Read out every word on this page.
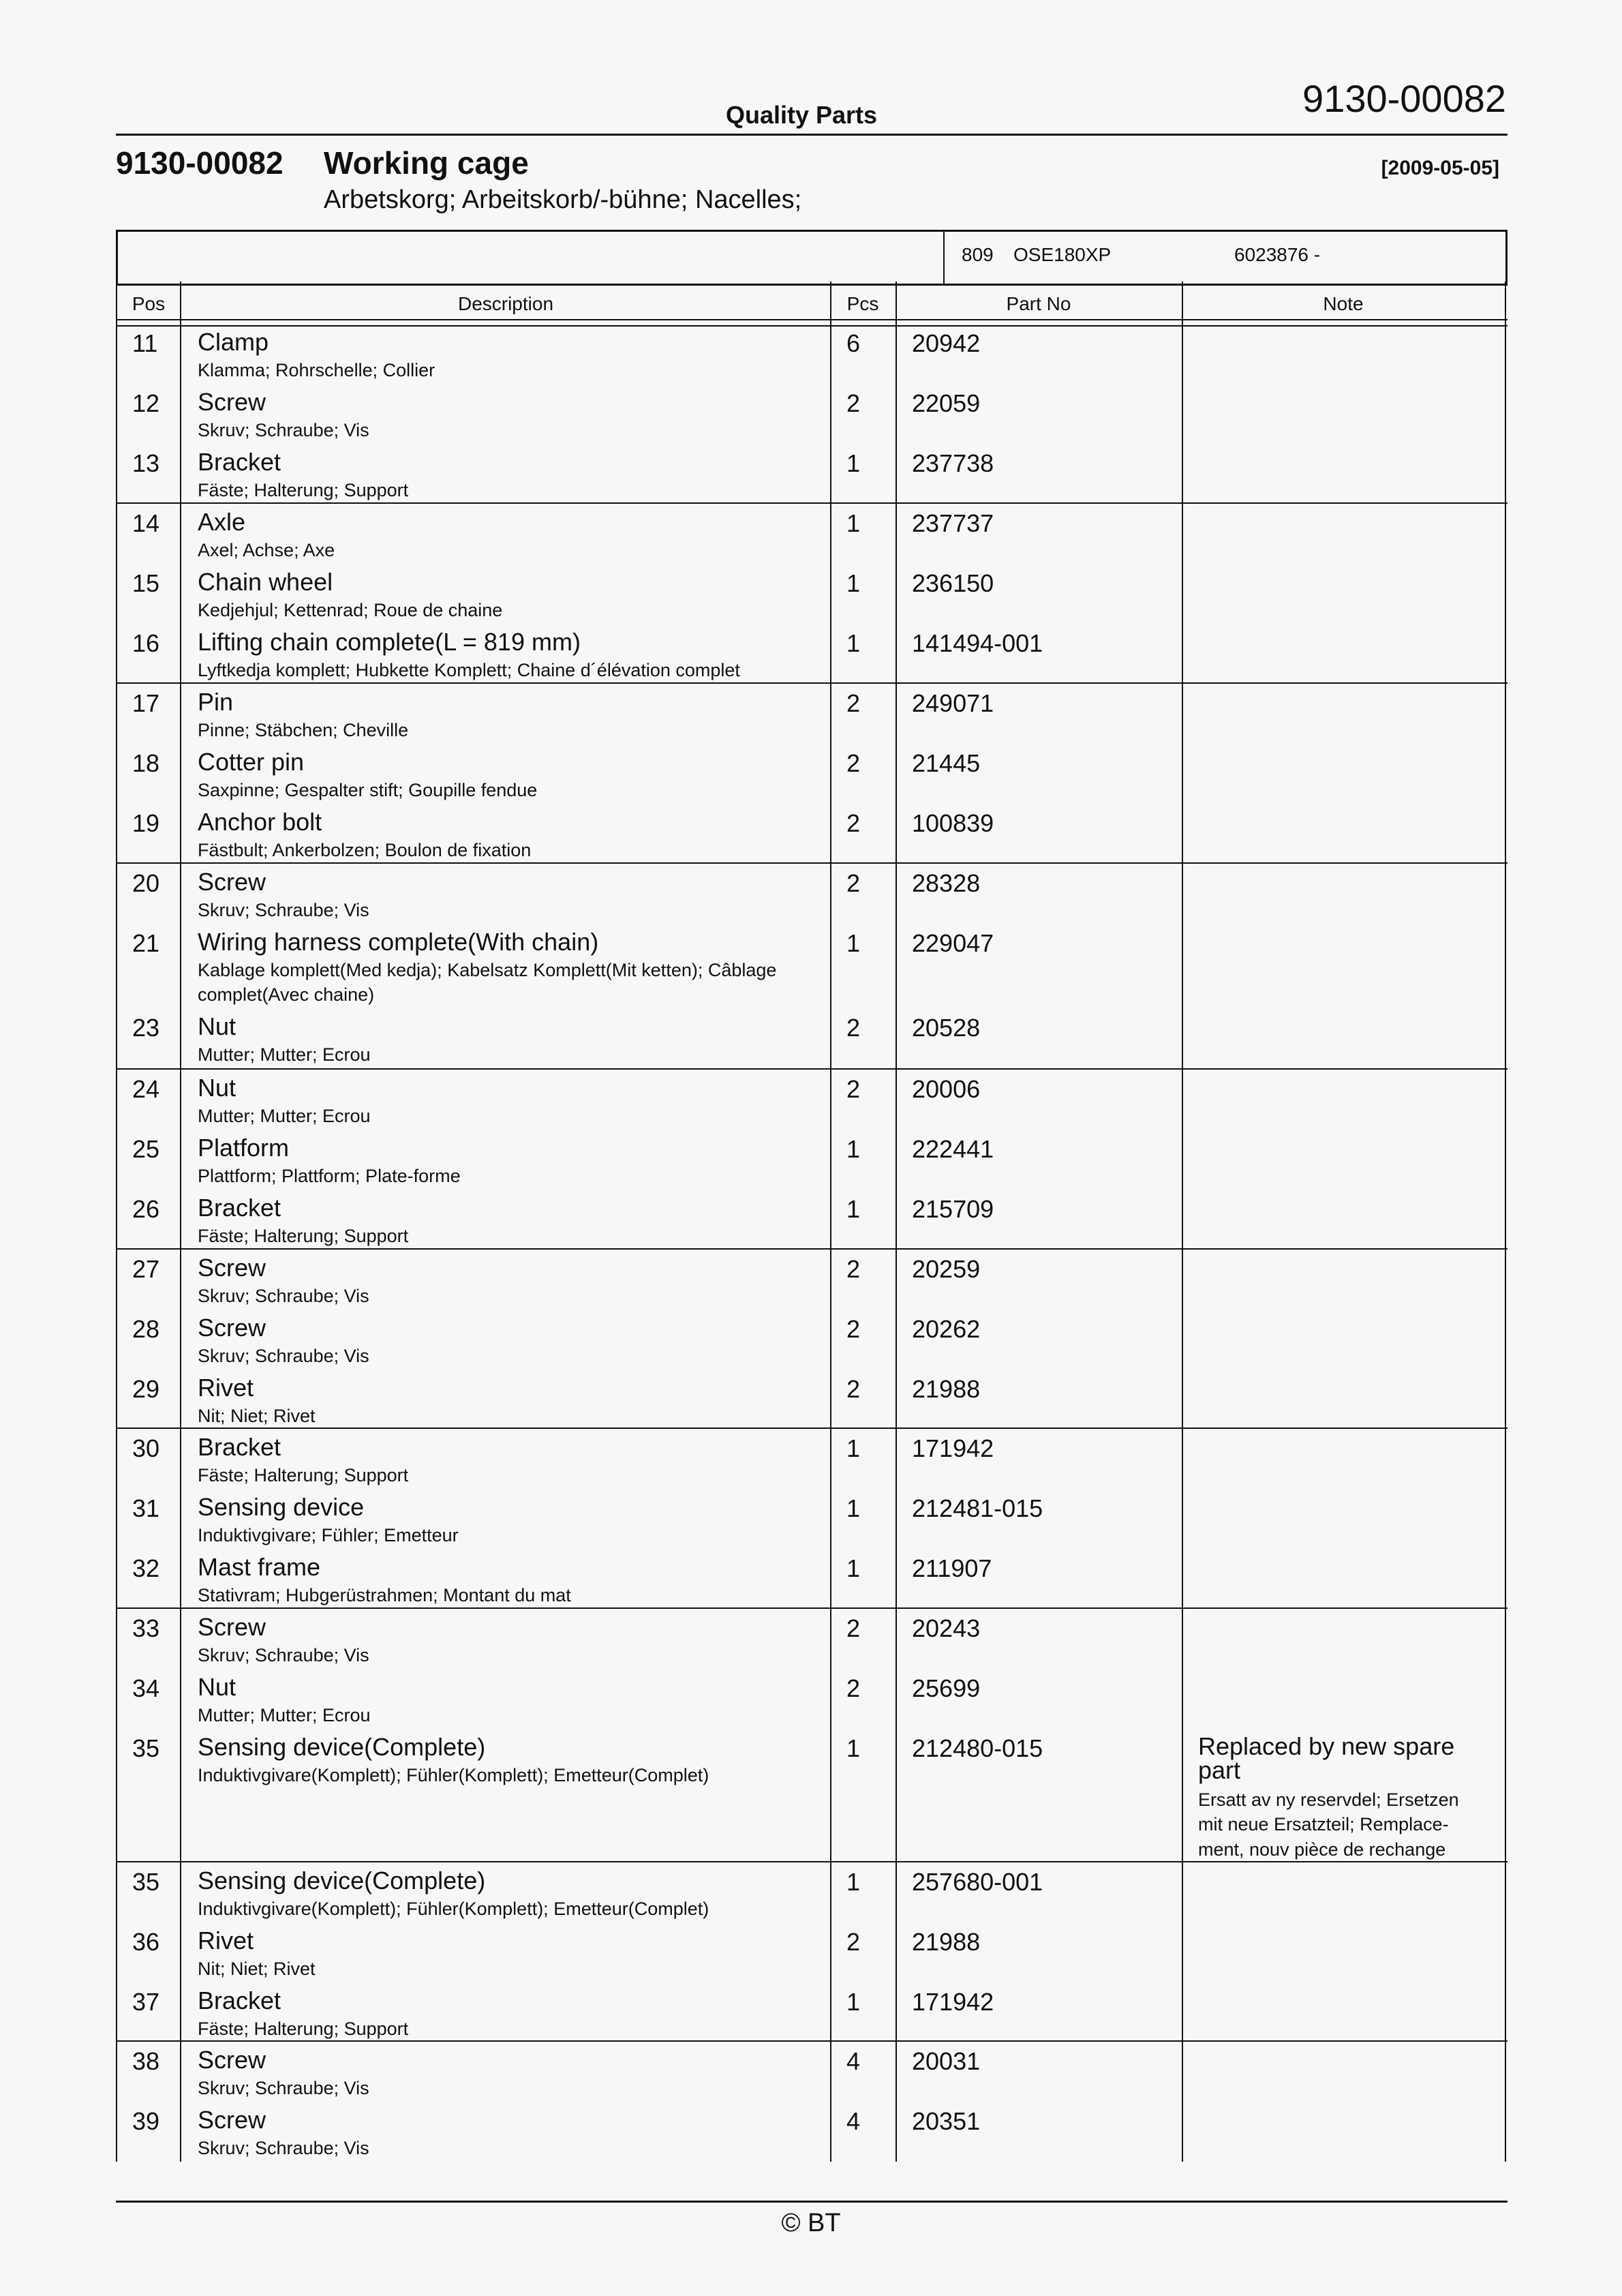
9130-00082
Quality Parts
9130-00082 Working cage	[2009-05-05]
Arbetskorg; Arbeitskorb/-bühne; Nacelles;
809 OSE180XP	6023876 -
Pos	Description	Pcs	Part No	Note
11 Clamp
Klamma; Rohrschelle; Collier
6 20942
12 Screw
Skruv; Schraube; Vis
2 22059
13 Bracket
Fäste; Halterung; Support
1 237738
14 Axle
Axel; Achse; Axe
1 237737
15 Chain wheel
Kedjehjul; Kettenrad; Roue de chaine
1 236150
16 Lifting chain complete(L = 819 mm)
Lyftkedja komplett; Hubkette Komplett; Chaine d´élévation complet
1 141494-001
17 Pin
Pinne; Stäbchen; Cheville
2 249071
18 Cotter pin
Saxpinne; Gespalter stift; Goupille fendue
2 21445
19 Anchor bolt
Fästbult; Ankerbolzen; Boulon de fixation
2 100839
20 Screw
Skruv; Schraube; Vis
2 28328
21 Wiring harness complete(With chain)
Kablage komplett(Med kedja); Kabelsatz Komplett(Mit ketten); Câblage complet(Avec chaine)
1 229047
23 Nut
Mutter; Mutter; Ecrou
2 20528
24 Nut
Mutter; Mutter; Ecrou
2 20006
25 Platform
Plattform; Plattform; Plate-forme
1 222441
26 Bracket
Fäste; Halterung; Support
1 215709
27 Screw
Skruv; Schraube; Vis
2 20259
28 Screw
Skruv; Schraube; Vis
2 20262
29 Rivet
Nit; Niet; Rivet
2 21988
30 Bracket
Fäste; Halterung; Support
1 171942
31 Sensing device
Induktivgivare; Fühler; Emetteur
1 212481-015
32 Mast frame
Stativram; Hubgerüstrahmen; Montant du mat
1 211907
33 Screw
Skruv; Schraube; Vis
2 20243
34 Nut
Mutter; Mutter; Ecrou
2 25699
35 Sensing device(Complete)
Induktivgivare(Komplett); Fühler(Komplett); Emetteur(Complet)
1 212480-015	Replaced by new spare part
Ersatt av ny reservdel; Ersetzen mit neue Ersatzteil; Remplace-ment, nouv pièce de rechange
35 Sensing device(Complete)
Induktivgivare(Komplett); Fühler(Komplett); Emetteur(Complet)
1 257680-001
36 Rivet
Nit; Niet; Rivet
2 21988
37 Bracket
Fäste; Halterung; Support
1 171942
38 Screw
Skruv; Schraube; Vis
4 20031
39 Screw
Skruv; Schraube; Vis
4 20351
© BT
